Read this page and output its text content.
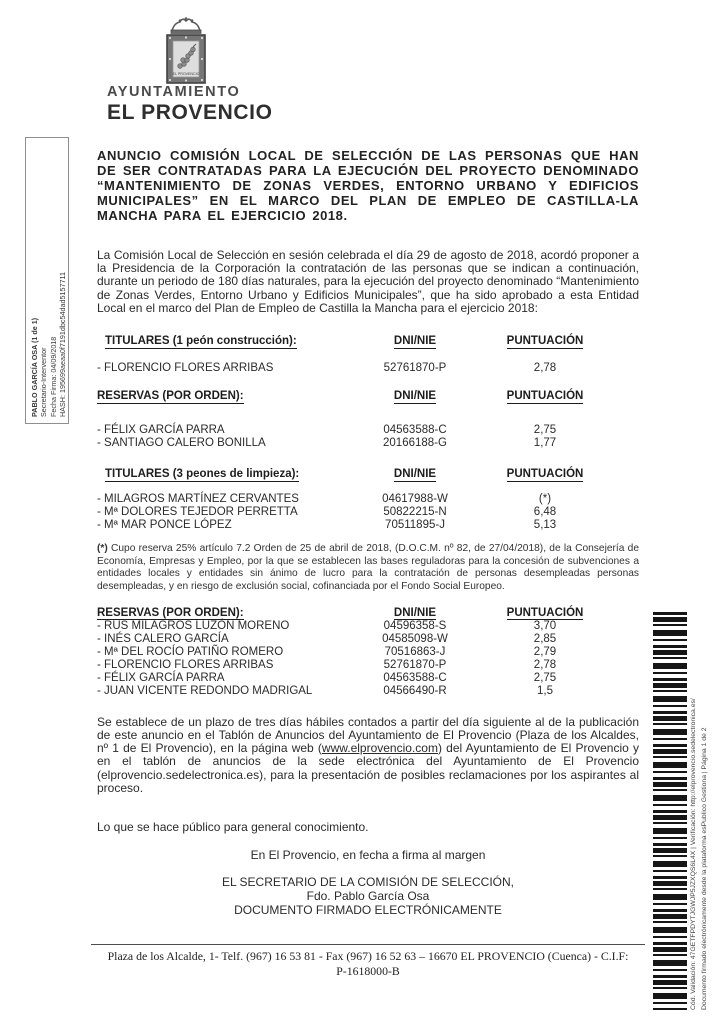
PABLO GARCÍA OSA (1 de 1) Secretario-Interventor Fecha Firma: 04/09/2018 HASH: 195699aeaa0f7191dbc54dad5157711
EL PROVENCIO
AYUNTAMIENTO
EL PROVENCIO
ANUNCIO COMISIÓN LOCAL DE SELECCIÓN DE LAS PERSONAS QUE HAN DE SER CONTRATADAS PARA LA EJECUCIÓN DEL PROYECTO DENOMINADO “MANTENIMIENTO DE ZONAS VERDES, ENTORNO URBANO Y EDIFICIOS MUNICIPALES” EN EL MARCO DEL PLAN DE EMPLEO DE CASTILLA-LA MANCHA PARA EL EJERCICIO 2018.
La Comisión Local de Selección en sesión celebrada el día 29 de agosto de 2018, acordó proponer a la Presidencia de la Corporación la contratación de las personas que se indican a continuación, durante un periodo de 180 días naturales, para la ejecución del proyecto denominado “Mantenimiento de Zonas Verdes, Entorno Urbano y Edificios Municipales”, que ha sido aprobado a esta Entidad Local en el marco del Plan de Empleo de Castilla la Mancha para el ejercicio 2018:
TITULARES (1 peón construcción):	DNI/NIE	PUNTUACIÓN
- FLORENCIO FLORES ARRIBAS	52761870-P	2,78
RESERVAS (POR ORDEN):	DNI/NIE	PUNTUACIÓN
- FÉLIX GARCÍA PARRA	04563588-C	2,75
- SANTIAGO CALERO BONILLA	20166188-G	1,77
TITULARES (3 peones de limpieza):	DNI/NIE	PUNTUACIÓN
- MILAGROS MARTÍNEZ CERVANTES	04617988-W	(*)
- Mª DOLORES TEJEDOR PERRETTA	50822215-N	6,48
- Mª MAR PONCE LÓPEZ	70511895-J	5,13
(*) Cupo reserva 25% artículo 7.2 Orden de 25 de abril de 2018, (D.O.C.M. nº 82, de 27/04/2018), de la Consejería de Economía, Empresas y Empleo, por la que se establecen las bases reguladoras para la concesión de subvenciones a entidades locales y entidades sin ánimo de lucro para la contratación de personas desempleadas personas desempleadas, y en riesgo de exclusión social, cofinanciada por el Fondo Social Europeo.
RESERVAS (POR ORDEN):	DNI/NIE	PUNTUACIÓN
- RUS MILAGROS LUZÓN MORENO	04596358-S	3,70
- INÉS CALERO GARCÍA	04585098-W	2,85
- Mª DEL ROCÍO PATIÑO ROMERO	70516863-J	2,79
- FLORENCIO FLORES ARRIBAS	52761870-P	2,78
- FÉLIX GARCÍA PARRA	04563588-C	2,75
- JUAN VICENTE REDONDO MADRIGAL	04566490-R	1,5
Se establece de un plazo de tres días hábiles contados a partir del día siguiente al de la publicación de este anuncio en el Tablón de Anuncios del Ayuntamiento de El Provencio (Plaza de los Alcaldes, nº 1 de El Provencio), en la página web (www.elprovencio.com) del Ayuntamiento de El Provencio y en el tablón de anuncios de la sede electrónica del Ayuntamiento de El Provencio (elprovencio.sedelectronica.es), para la presentación de posibles reclamaciones por los aspirantes al proceso.
Lo que se hace público para general conocimiento.
En El Provencio, en fecha a firma al margen
EL SECRETARIO DE LA COMISIÓN DE SELECCIÓN,
Fdo. Pablo García Osa
DOCUMENTO FIRMADO ELECTRÓNICAMENTE
Plaza de los Alcalde, 1- Telf. (967) 16 53 81 - Fax (967) 16 52 63 – 16670 EL PROVENCIO (Cuenca) - C.I.F:
P-1618000-B	Cód. Validación: 47GETFPDYTJGWJP5JZXQS6L4X | Verificación: http://elprovencio.sedelectronica.es/ Documento firmado electrónicamente desde la plataforma esPublico Gestiona | Página 1 de 2
